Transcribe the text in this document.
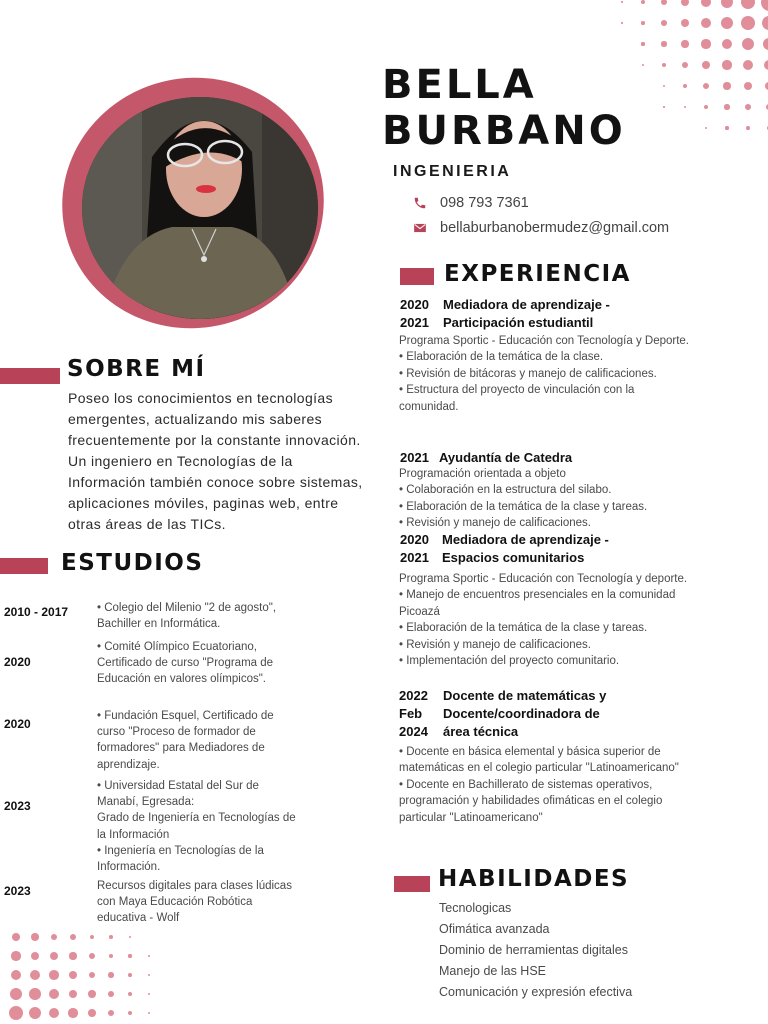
BELLA
BURBANO
INGENIERIA
098 793 7361
bellaburbanobermudez@gmail.com
EXPERIENCIA
2020
2021
Mediadora de aprendizaje -
Participación estudiantil
Programa Sportic - Educación con Tecnología y Deporte.
• Elaboración de la temática de la clase.
• Revisión de bitácoras y manejo de calificaciones.
• Estructura del proyecto de vinculación con la comunidad.
2021 Ayudantía de Catedra
Programación orientada a objeto
• Colaboración en la estructura del silabo.
• Elaboración de la temática de la clase y tareas.
• Revisión y manejo de calificaciones.
2020
2021
Mediadora de aprendizaje -
Espacios comunitarios
Programa Sportic - Educación con Tecnología y deporte.
• Manejo de encuentros presenciales en la comunidad Picoazá
• Elaboración de la temática de la clase y tareas.
• Revisión y manejo de calificaciones.
• Implementación del proyecto comunitario.
2022
Feb
2024
Docente de matemáticas y
Docente/coordinadora de
área técnica
• Docente en básica elemental y básica superior de matemáticas en el colegio particular "Latinoamericano"
• Docente en Bachillerato de sistemas operativos, programación y habilidades ofimáticas en el colegio particular "Latinoamericano"
SOBRE MÍ
Poseo los conocimientos en tecnologías emergentes, actualizando mis saberes frecuentemente por la constante innovación. Un ingeniero en Tecnologías de la Información también conoce sobre sistemas, aplicaciones móviles, paginas web, entre otras áreas de las TICs.
ESTUDIOS
2010 - 2017	• Colegio del Milenio "2 de agosto", Bachiller en Informática.
2020
• Comité Olímpico Ecuatoriano, Certificado de curso "Programa de Educación en valores olímpicos".
2020
• Fundación Esquel, Certificado de curso "Proceso de formador de formadores" para Mediadores de aprendizaje.
2023
• Universidad Estatal del Sur de Manabí, Egresada:
Grado de Ingeniería en Tecnologías de la Información
• Ingeniería en Tecnologías de la Información.
2023	Recursos digitales para clases lúdicas con Maya Educación Robótica educativa - Wolf
HABILIDADES
Tecnologicas
Ofimática avanzada
Dominio de herramientas digitales
Manejo de las HSE
Comunicación y expresión efectiva
